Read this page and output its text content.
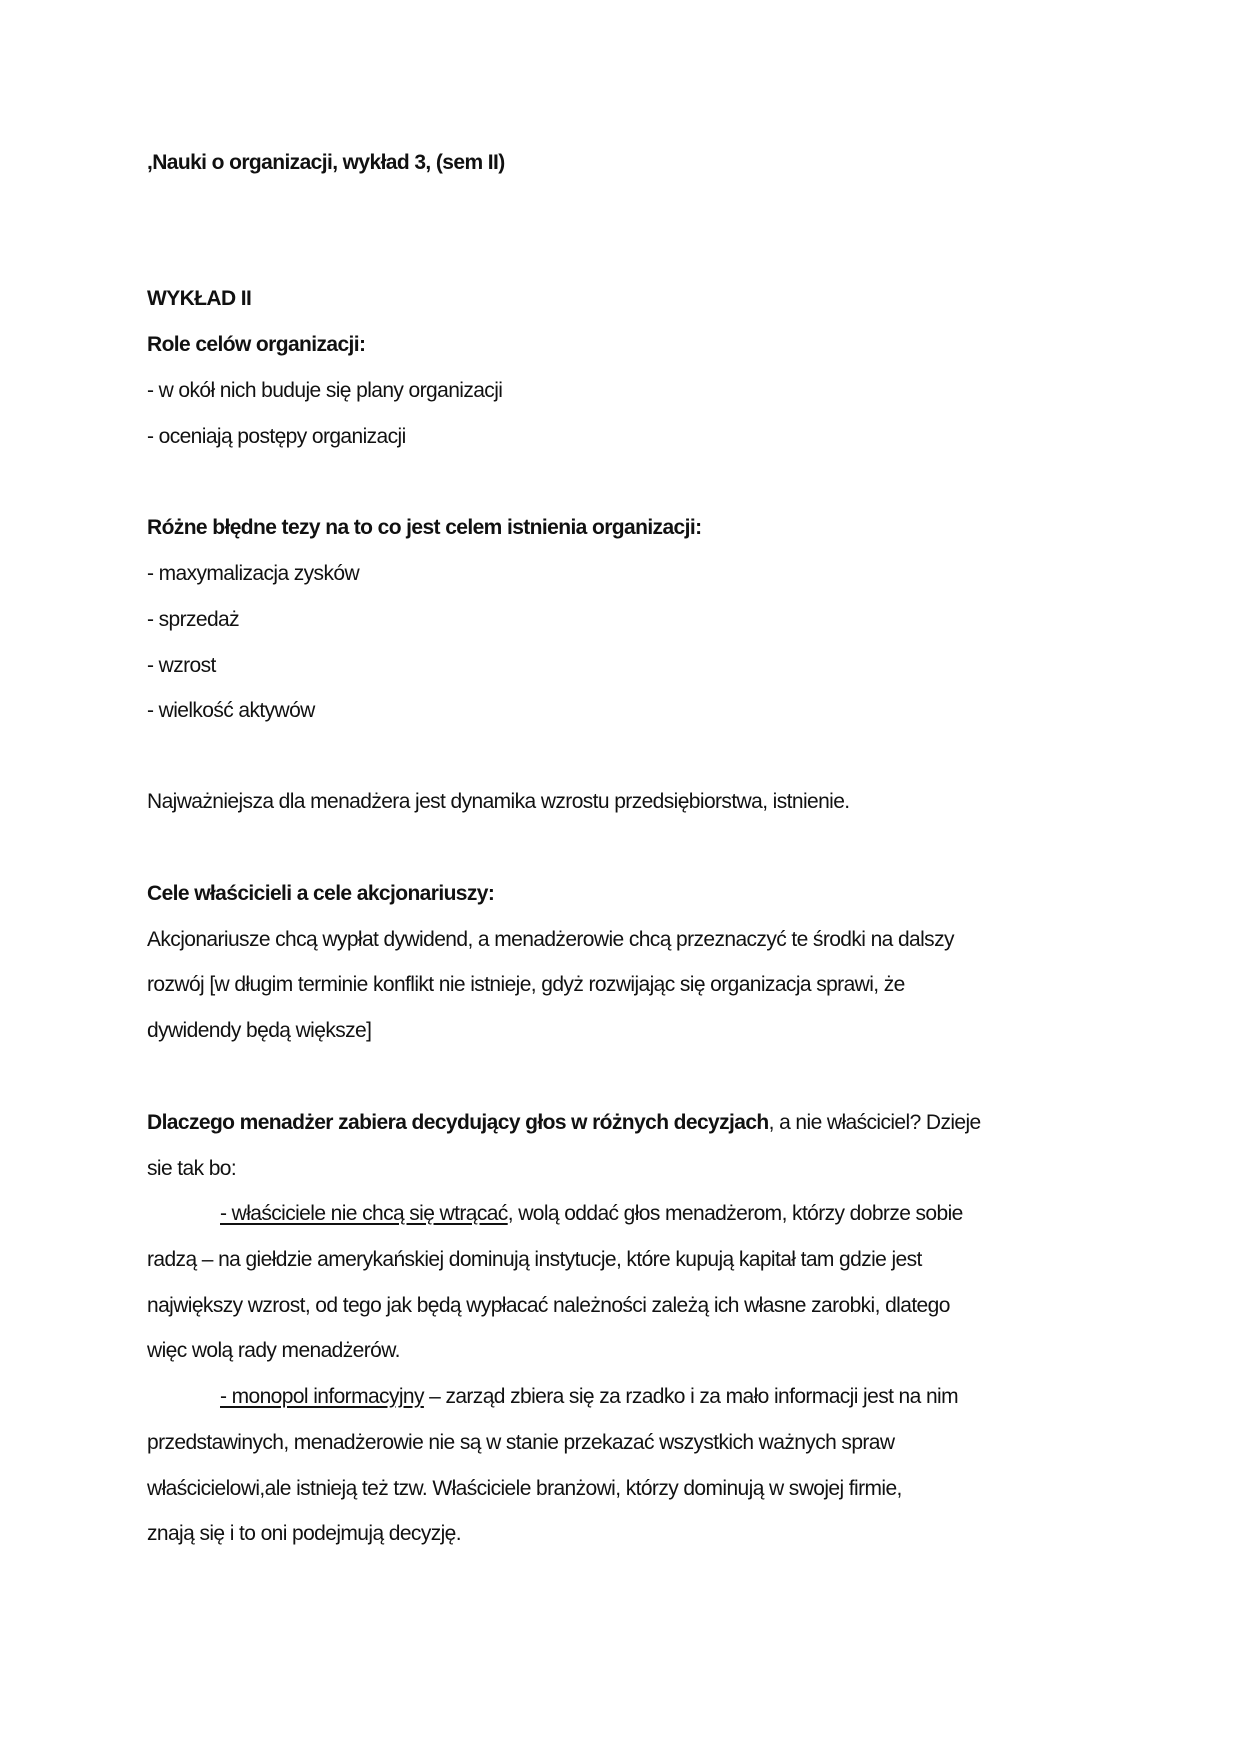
,Nauki o organizacji, wykład 3, (sem II)
WYKŁAD II
Role celów organizacji:
- w okół nich buduje się plany organizacji
- oceniają postępy organizacji
Różne błędne tezy na to co jest celem istnienia organizacji:
- maxymalizacja zysków
- sprzedaż
- wzrost
- wielkość aktywów
Najważniejsza dla menadżera jest dynamika wzrostu przedsiębiorstwa, istnienie.
Cele właścicieli a cele akcjonariuszy:
Akcjonariusze chcą wypłat dywidend, a menadżerowie chcą przeznaczyć te środki na dalszy
rozwój [w długim terminie konflikt nie istnieje, gdyż rozwijając się organizacja sprawi, że
dywidendy będą większe]
Dlaczego menadżer zabiera decydujący głos w różnych decyzjach, a nie właściciel? Dzieje
sie tak bo:
- właściciele nie chcą się wtrącać, wolą oddać głos menadżerom, którzy dobrze sobie
radzą – na giełdzie amerykańskiej dominują instytucje, które kupują kapitał tam gdzie jest
największy wzrost, od tego jak będą wypłacać należności zależą ich własne zarobki, dlatego
więc wolą rady menadżerów.
- monopol informacyjny – zarząd zbiera się za rzadko i za mało informacji jest na nim
przedstawinych, menadżerowie nie są w stanie przekazać wszystkich ważnych spraw
właścicielowi,ale istnieją też tzw. Właściciele branżowi, którzy dominują w swojej firmie,
znają się i to oni podejmują decyzję.
